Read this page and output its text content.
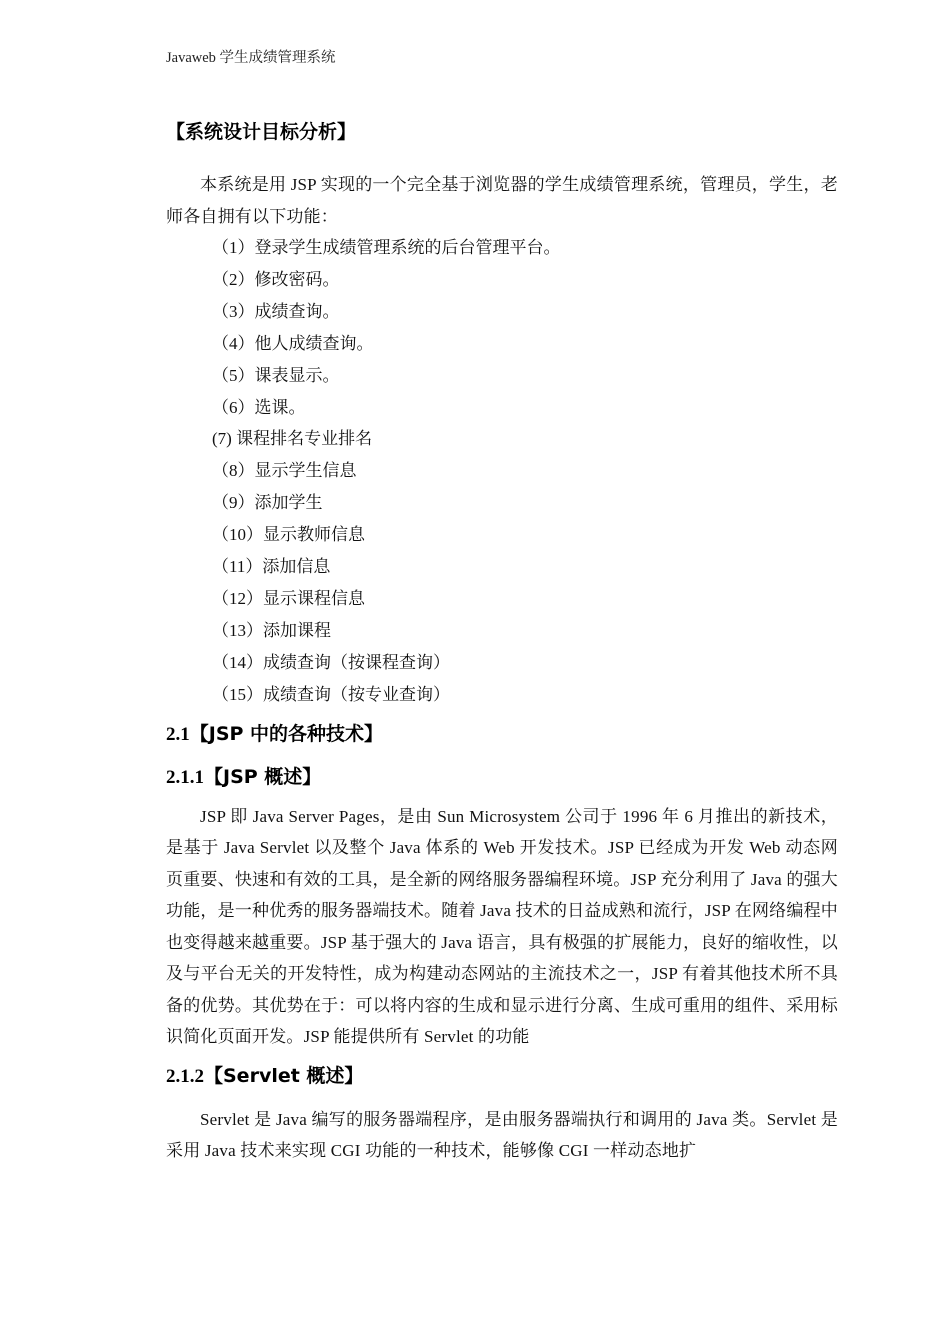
Javaweb 学生成绩管理系统
【系统设计目标分析】

本系统是用 JSP 实现的一个完全基于浏览器的学生成绩管理系统，管理员，学生，老师各自拥有以下功能：

（1）登录学生成绩管理系统的后台管理平台。
（2）修改密码。
（3）成绩查询。
（4）他人成绩查询。
（5）课表显示。
（6）选课。
(7) 课程排名专业排名
（8）显示学生信息
（9）添加学生
（10）显示教师信息
（11）添加信息
（12）显示课程信息
（13）添加课程
（14）成绩查询（按课程查询）
（15）成绩查询（按专业查询）
2.1【JSP 中的各种技术】
2.1.1【JSP 概述】

JSP 即 Java Server Pages，是由 Sun Microsystem 公司于 1996 年 6 月推出的新技术，是基于 Java Servlet 以及整个 Java 体系的 Web 开发技术。JSP 已经成为开发 Web 动态网页重要、快速和有效的工具，是全新的网络服务器编程环境。JSP 充分利用了 Java 的强大功能，是一种优秀的服务器端技术。随着 Java 技术的日益成熟和流行，JSP 在网络编程中也变得越来越重要。JSP 基于强大的 Java 语言，具有极强的扩展能力，良好的缩收性，以及与平台无关的开发特性，成为构建动态网站的主流技术之一，JSP 有着其他技术所不具备的优势。其优势在于：可以将内容的生成和显示进行分离、生成可重用的组件、采用标识简化页面开发。JSP 能提供所有 Servlet 的功能

2.1.2【Servlet 概述】

Servlet 是 Java 编写的服务器端程序，是由服务器端执行和调用的 Java 类。Servlet 是采用 Java 技术来实现 CGI 功能的一种技术，能够像 CGI 一样动态地扩
